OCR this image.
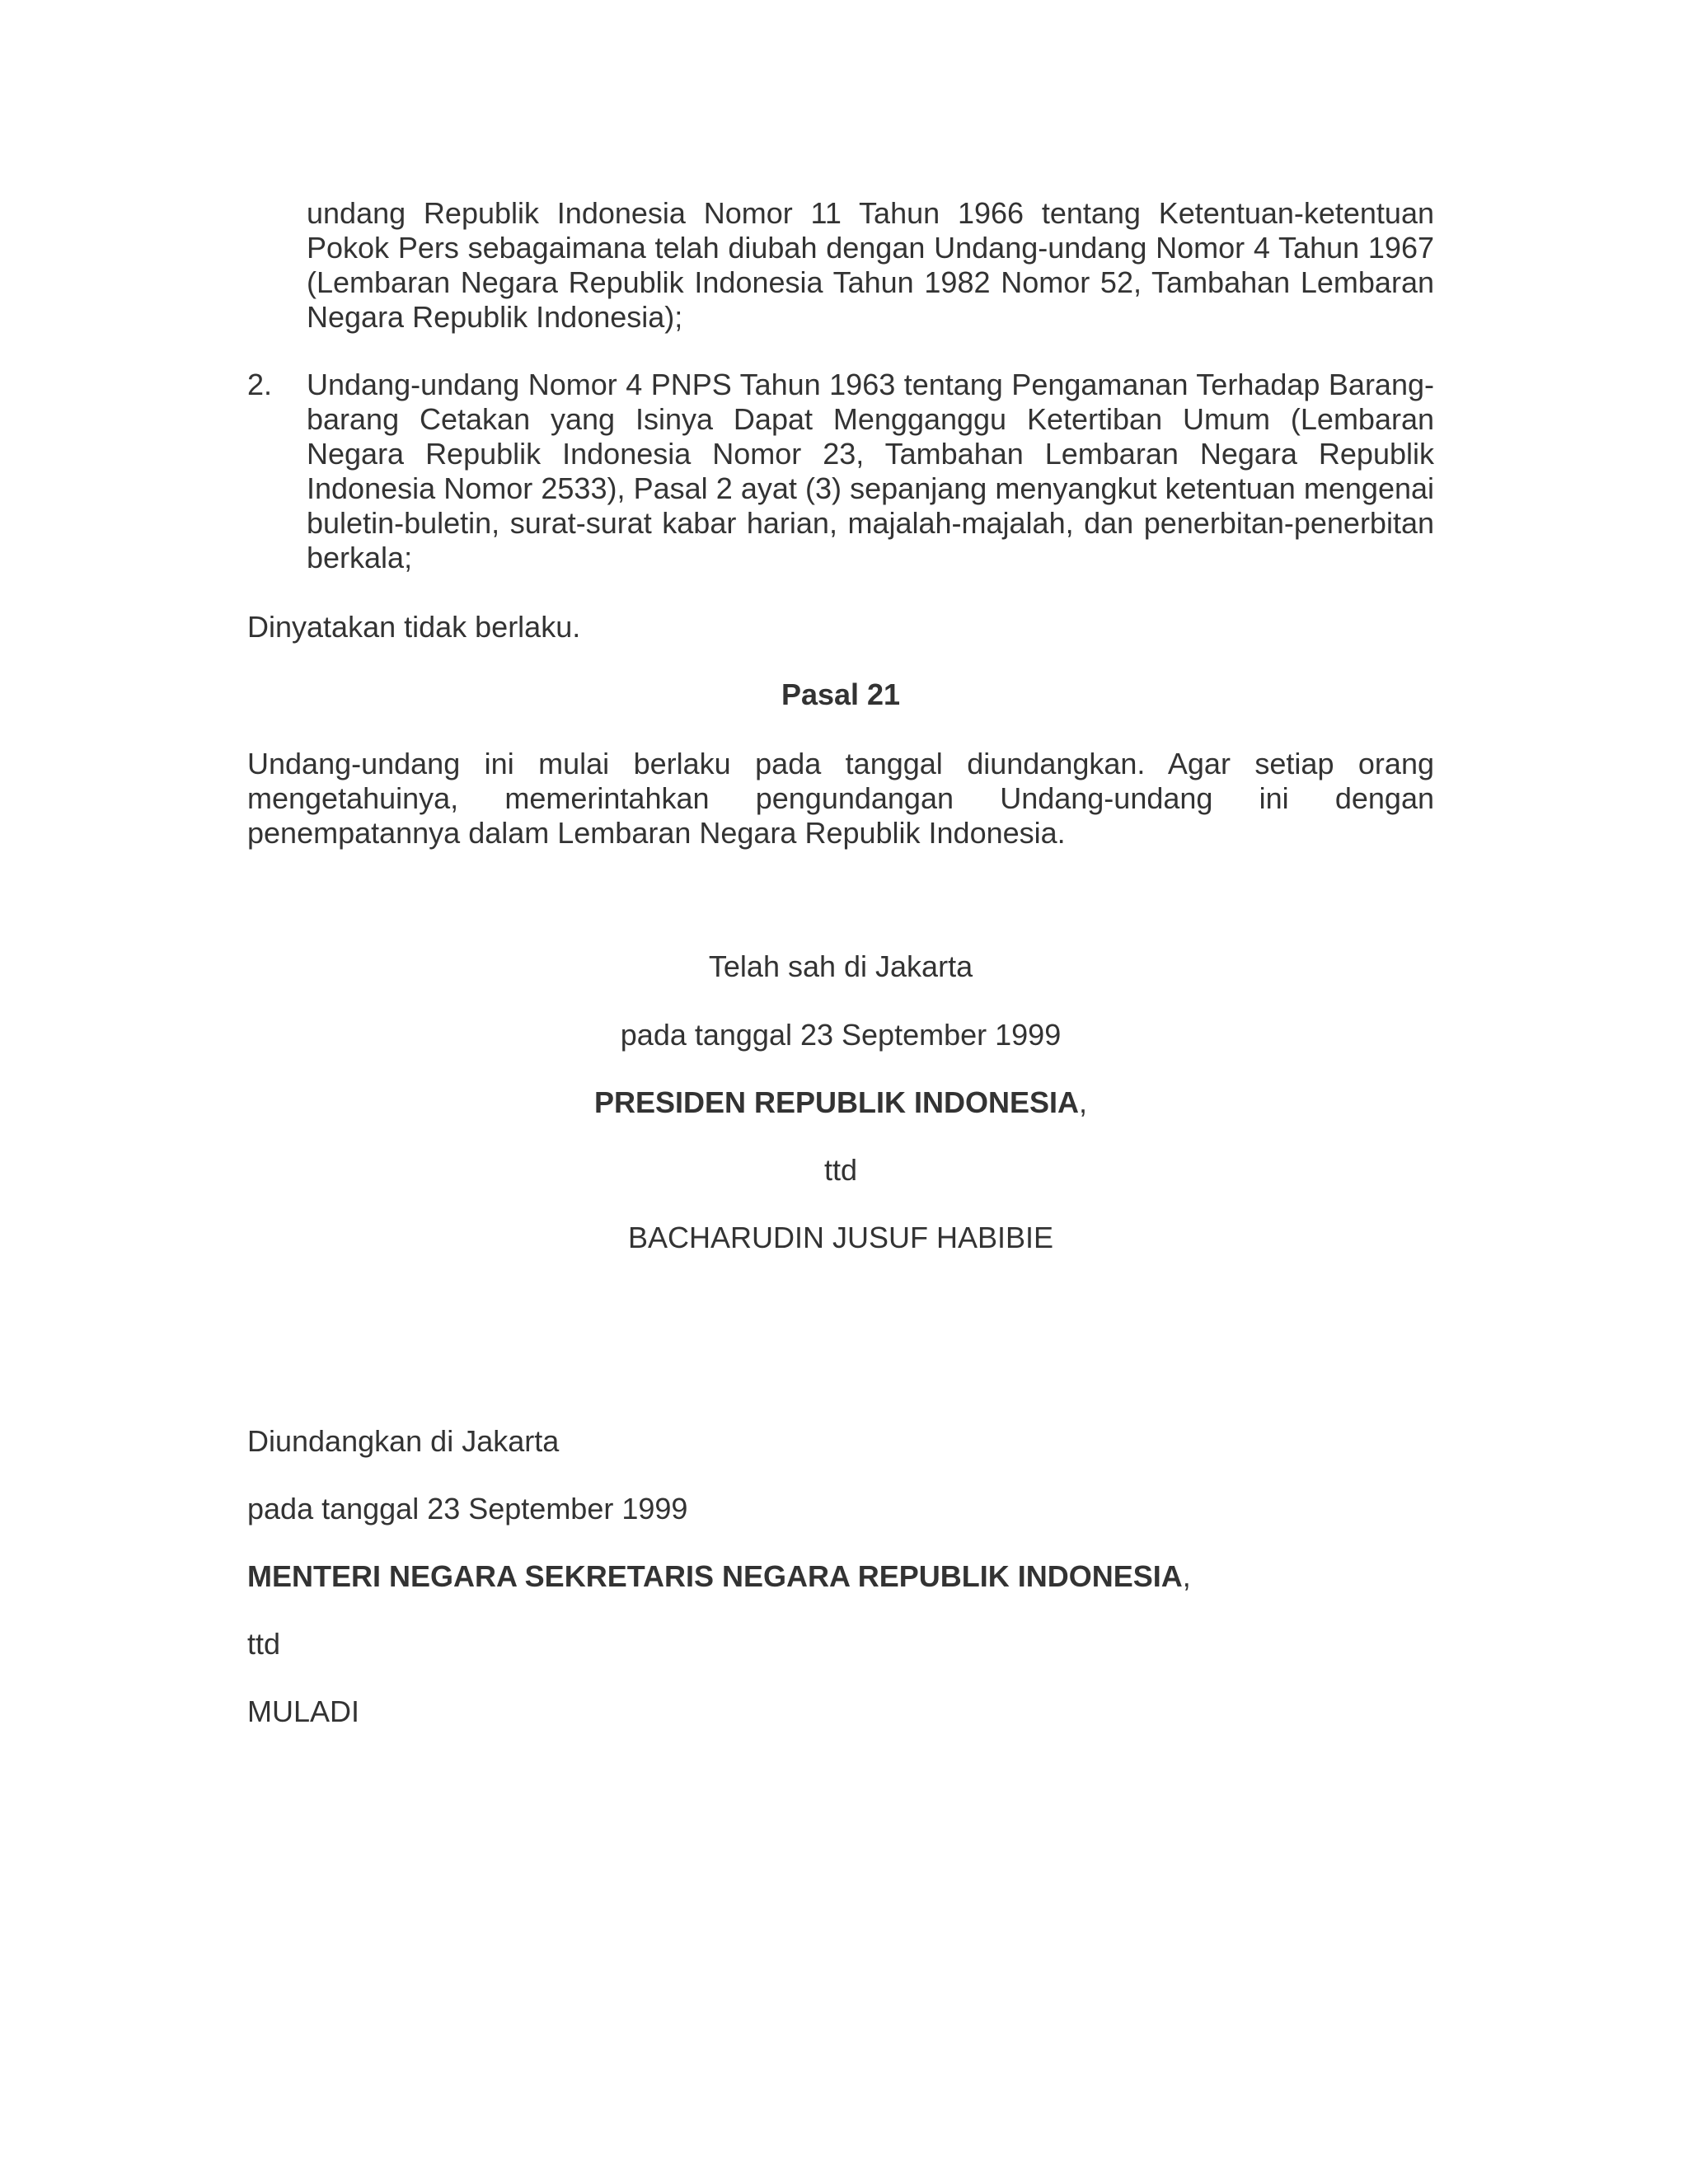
undang Republik Indonesia Nomor 11 Tahun 1966 tentang Ketentuan-ketentuan Pokok Pers sebagaimana telah diubah dengan Undang-undang Nomor 4 Tahun 1967 (Lembaran Negara Republik Indonesia Tahun 1982 Nomor 52, Tambahan Lembaran Negara Republik Indonesia);
2. Undang-undang Nomor 4 PNPS Tahun 1963 tentang Pengamanan Terhadap Barang-barang Cetakan yang Isinya Dapat Mengganggu Ketertiban Umum (Lembaran Negara Republik Indonesia Nomor 23, Tambahan Lembaran Negara Republik Indonesia Nomor 2533), Pasal 2 ayat (3) sepanjang menyangkut ketentuan mengenai buletin-buletin, surat-surat kabar harian, majalah-majalah, dan penerbitan-penerbitan berkala;
Dinyatakan tidak berlaku.
Pasal 21
Undang-undang ini mulai berlaku pada tanggal diundangkan. Agar setiap orang mengetahuinya, memerintahkan pengundangan Undang-undang ini dengan penempatannya dalam Lembaran Negara Republik Indonesia.
Telah sah di Jakarta
pada tanggal 23 September 1999
PRESIDEN REPUBLIK INDONESIA,
ttd
BACHARUDIN JUSUF HABIBIE
Diundangkan di Jakarta
pada tanggal 23 September 1999
MENTERI NEGARA SEKRETARIS NEGARA REPUBLIK INDONESIA,
ttd
MULADI
